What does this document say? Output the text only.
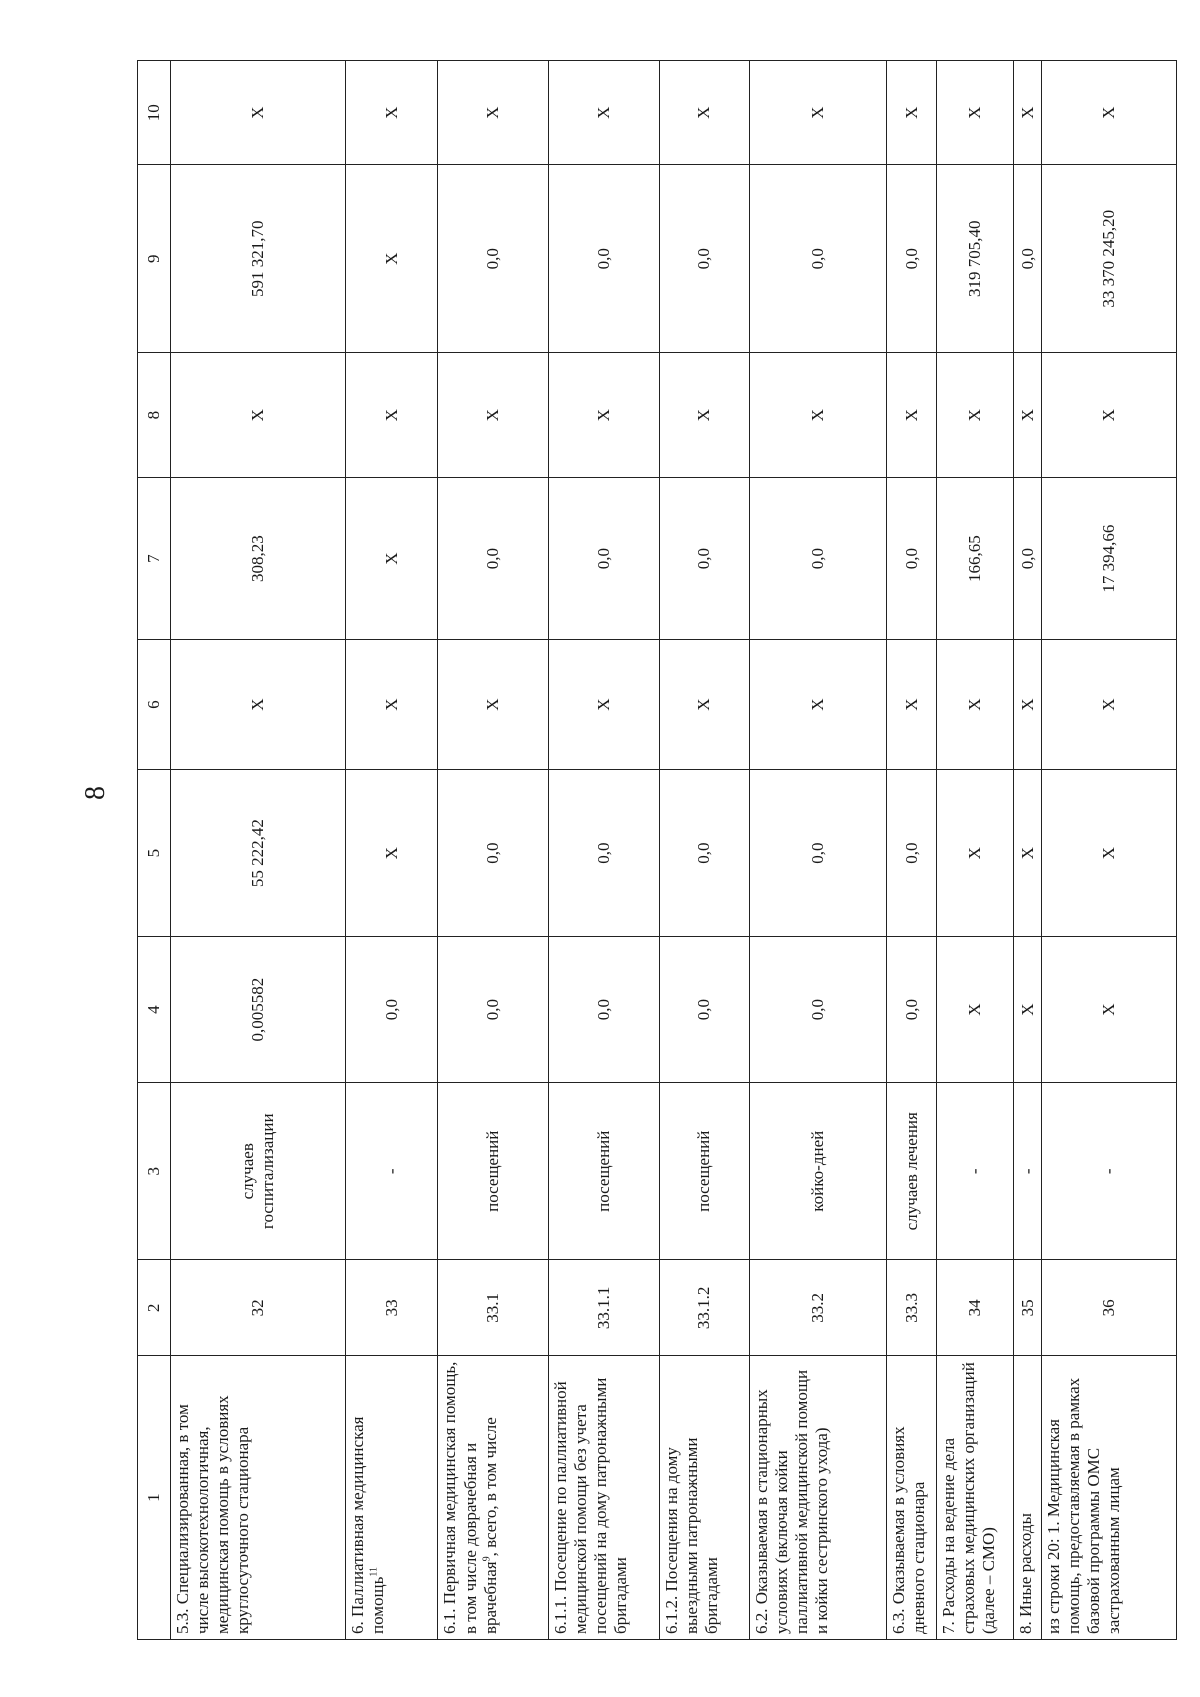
8
1	2	3	4	5	6	7	8	9	10
5.3. Специализированная, в том числе высокотехнологичная, медицинская помощь в условиях круглосуточного стационара	32	случаев госпитализации	0,005582	55 222,42	X	308,23	X	591 321,70	X
6. Паллиативная медицинская помощь$^{11}$	33	-	0,0	X	X	X	X	X	X
6.1. Первичная медицинская помощь, в том числе доврачебная и врачебная$^9$, всего, в том числе	33.1	посещений	0,0	0,0	X	0,0	X	0,0	X
6.1.1. Посещение по паллиативной медицинской помощи без учета посещений на дому патронажными бригадами	33.1.1	посещений	0,0	0,0	X	0,0	X	0,0	X
6.1.2. Посещения на дому выездными патронажными бригадами	33.1.2	посещений	0,0	0,0	X	0,0	X	0,0	X
6.2. Оказываемая в стационарных условиях (включая койки паллиативной медицинской помощи и койки сестринского ухода)	33.2	койко-дней	0,0	0,0	X	0,0	X	0,0	X
6.3. Оказываемая в условиях дневного стационара	33.3	случаев лечения	0,0	0,0	X	0,0	X	0,0	X
7. Расходы на ведение дела страховых медицинских организаций (далее – СМО)	34	-	X	X	X	166,65	X	319 705,40	X
8. Иные расходы	35	-	X	X	X	0,0	X	0,0	X
из строки 20: 1. Медицинская помощь, предоставляемая в рамках базовой программы ОМС застрахованным лицам	36	-	X	X	X	17 394,66	X	33 370 245,20	X
